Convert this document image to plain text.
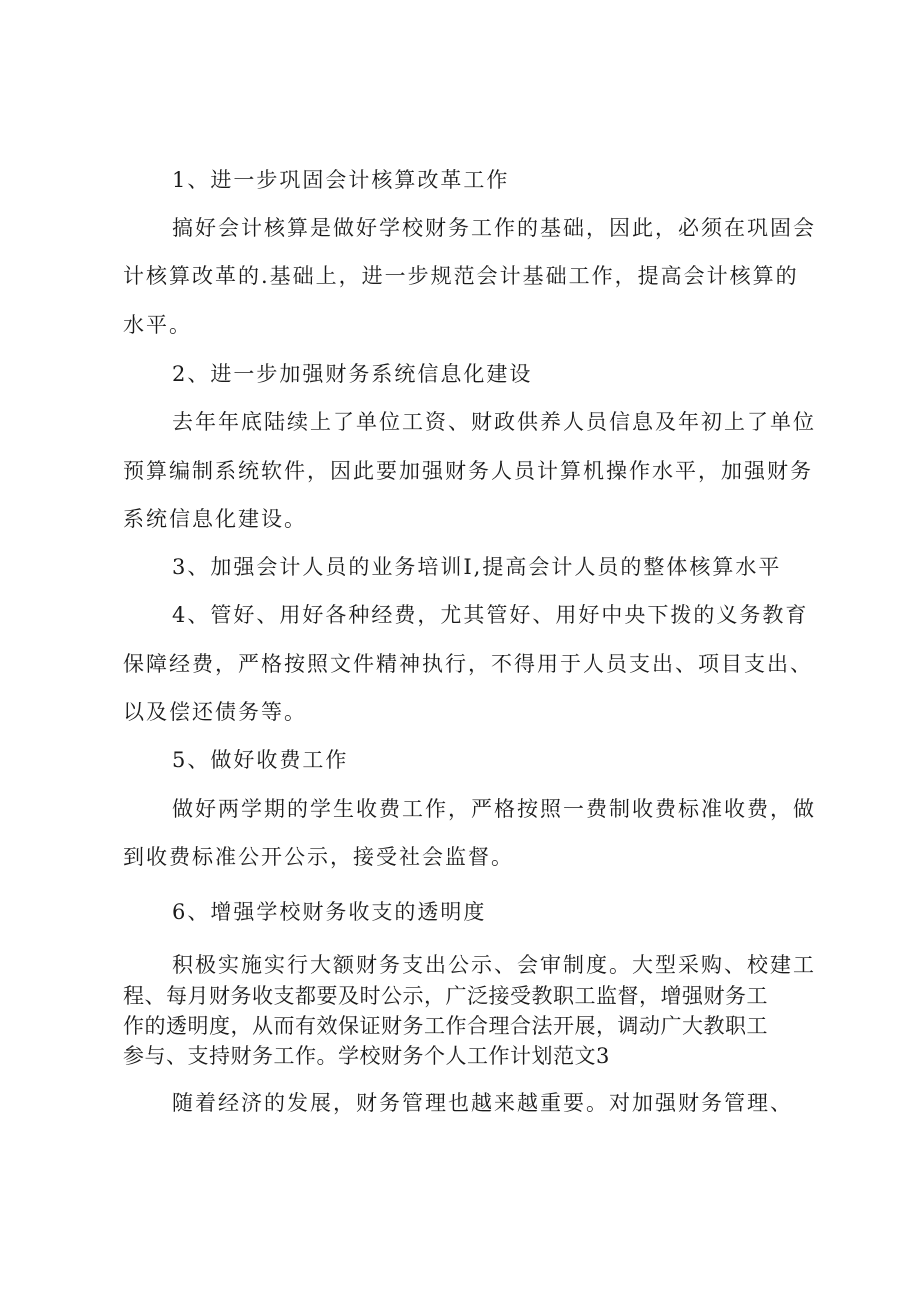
1、进一步巩固会计核算改革工作
搞好会计核算是做好学校财务工作的基础，因此，必须在巩固会
计核算改革的.基础上，进一步规范会计基础工作，提高会计核算的
水平。
2、进一步加强财务系统信息化建设
去年年底陆续上了单位工资、财政供养人员信息及年初上了单位
预算编制系统软件，因此要加强财务人员计算机操作水平，加强财务
系统信息化建设。
3、加强会计人员的业务培训Ⅰ,提高会计人员的整体核算水平
4、管好、用好各种经费，尤其管好、用好中央下拨的义务教育
保障经费，严格按照文件精神执行，不得用于人员支出、项目支出、
以及偿还债务等。
5、做好收费工作
做好两学期的学生收费工作，严格按照一费制收费标准收费，做
到收费标准公开公示，接受社会监督。
6、增强学校财务收支的透明度
积极实施实行大额财务支出公示、会审制度。大型采购、校建工
程、每月财务收支都要及时公示，广泛接受教职工监督，增强财务工
作的透明度，从而有效保证财务工作合理合法开展，调动广大教职工
参与、支持财务工作。学校财务个人工作计划范文3
随着经济的发展，财务管理也越来越重要。对加强财务管理、
